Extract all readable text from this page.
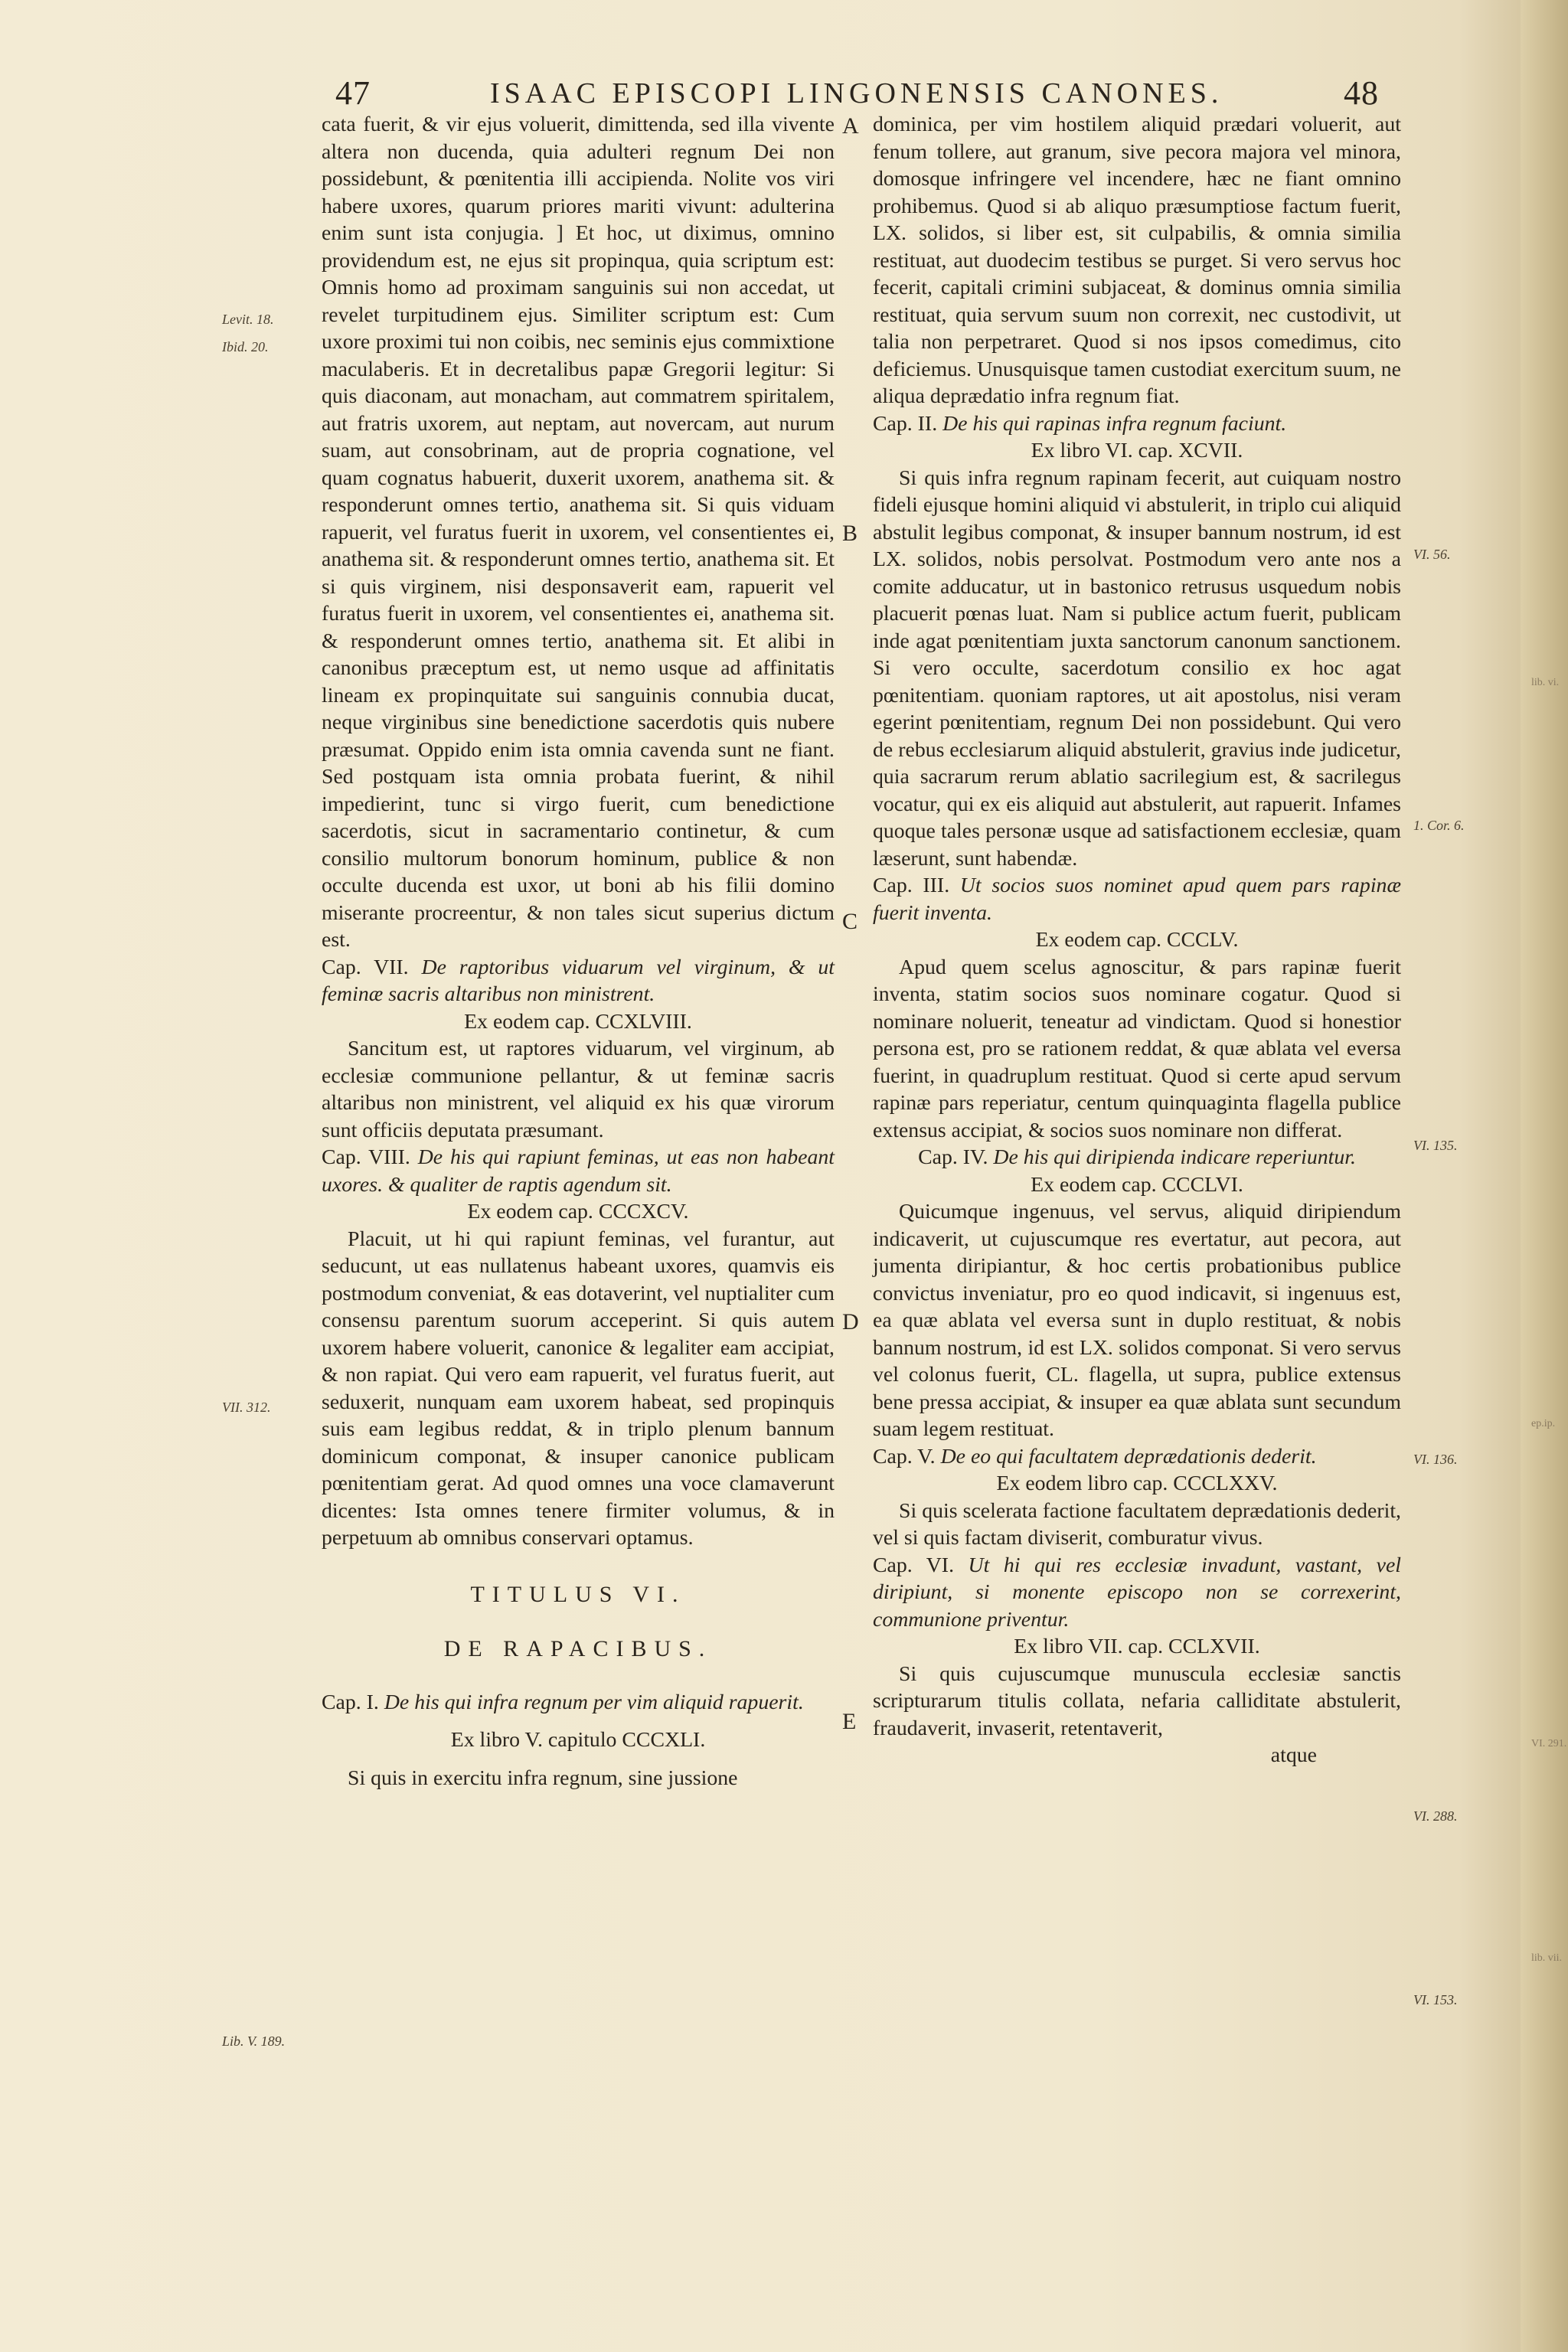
47	ISAAC EPISCOPI LINGONENSIS CANONES.	48
Levit. 18.
Ibid. 20.
VII. 312.
Lib. V. 189.
VI. 56.
1. Cor. 6.
VI. 135.
VI. 136.
VI. 288.
VI. 153.
A
B
C
D
E
lib. vi.
ep.ip.
VI. 291.
lib. vii.

cata fuerit, & vir ejus voluerit, dimittenda, sed illa vivente altera non ducenda, quia adulteri regnum Dei non possidebunt, & pœnitentia illi accipienda. Nolite vos viri habere uxores, quarum priores mariti vivunt: adulterina enim sunt ista conjugia. ] Et hoc, ut diximus, omnino providendum est, ne ejus sit propinqua, quia scriptum est: Omnis homo ad proximam sanguinis sui non accedat, ut revelet turpitudinem ejus. Similiter scriptum est: Cum uxore proximi tui non coibis, nec seminis ejus commixtione maculaberis. Et in decretalibus papæ Gregorii legitur: Si quis diaconam, aut monacham, aut commatrem spiritalem, aut fratris uxorem, aut neptam, aut novercam, aut nurum suam, aut consobrinam, aut de propria cognatione, vel quam cognatus habuerit, duxerit uxorem, anathema sit. & responderunt omnes tertio, anathema sit. Si quis viduam rapuerit, vel furatus fuerit in uxorem, vel consentientes ei, anathema sit. & responderunt omnes tertio, anathema sit. Et si quis virginem, nisi desponsaverit eam, rapuerit vel furatus fuerit in uxorem, vel consentientes ei, anathema sit. & responderunt omnes tertio, anathema sit. Et alibi in canonibus præceptum est, ut nemo usque ad affinitatis lineam ex propinquitate sui sanguinis connubia ducat, neque virginibus sine benedictione sacerdotis quis nubere præsumat. Oppido enim ista omnia cavenda sunt ne fiant. Sed postquam ista omnia probata fuerint, & nihil impedierint, tunc si virgo fuerit, cum benedictione sacerdotis, sicut in sacramentario continetur, & cum consilio multorum bonorum hominum, publice & non occulte ducenda est uxor, ut boni ab his filii domino miserante procreentur, & non tales sicut superius dictum est.

Cap. VII. De raptoribus viduarum vel virginum, & ut feminæ sacris altaribus non ministrent.

Ex eodem cap. CCXLVIII.

Sancitum est, ut raptores viduarum, vel virginum, ab ecclesiæ communione pellantur, & ut feminæ sacris altaribus non ministrent, vel aliquid ex his quæ virorum sunt officiis deputata præsumant.

Cap. VIII. De his qui rapiunt feminas, ut eas non habeant uxores. & qualiter de raptis agendum sit.

Ex eodem cap. CCCXCV.

Placuit, ut hi qui rapiunt feminas, vel furantur, aut seducunt, ut eas nullatenus habeant uxores, quamvis eis postmodum conveniat, & eas dotaverint, vel nuptialiter cum consensu parentum suorum acceperint. Si quis autem uxorem habere voluerit, canonice & legaliter eam accipiat, & non rapiat. Qui vero eam rapuerit, vel furatus fuerit, aut seduxerit, nunquam eam uxorem habeat, sed propinquis suis eam legibus reddat, & in triplo plenum bannum dominicum componat, & insuper canonice publicam pœnitentiam gerat. Ad quod omnes una voce clamaverunt dicentes: Ista omnes tenere firmiter volumus, & in perpetuum ab omnibus conservari optamus.

TITULUS VI.
DE RAPACIBUS.

Cap. I. De his qui infra regnum per vim aliquid rapuerit.

Ex libro V. capitulo CCCXLI.

Si quis in exercitu infra regnum, sine jussione

dominica, per vim hostilem aliquid prædari voluerit, aut fenum tollere, aut granum, sive pecora majora vel minora, domosque infringere vel incendere, hæc ne fiant omnino prohibemus. Quod si ab aliquo præsumptiose factum fuerit, LX. solidos, si liber est, sit culpabilis, & omnia similia restituat, aut duodecim testibus se purget. Si vero servus hoc fecerit, capitali crimini subjaceat, & dominus omnia similia restituat, quia servum suum non correxit, nec custodivit, ut talia non perpetraret. Quod si nos ipsos comedimus, cito deficiemus. Unusquisque tamen custodiat exercitum suum, ne aliqua deprædatio infra regnum fiat.

Cap. II. De his qui rapinas infra regnum faciunt.

Ex libro VI. cap. XCVII.

Si quis infra regnum rapinam fecerit, aut cuiquam nostro fideli ejusque homini aliquid vi abstulerit, in triplo cui aliquid abstulit legibus componat, & insuper bannum nostrum, id est LX. solidos, nobis persolvat. Postmodum vero ante nos a comite adducatur, ut in bastonico retrusus usquedum nobis placuerit pœnas luat. Nam si publice actum fuerit, publicam inde agat pœnitentiam juxta sanctorum canonum sanctionem. Si vero occulte, sacerdotum consilio ex hoc agat pœnitentiam. quoniam raptores, ut ait apostolus, nisi veram egerint pœnitentiam, regnum Dei non possidebunt. Qui vero de rebus ecclesiarum aliquid abstulerit, gravius inde judicetur, quia sacrarum rerum ablatio sacrilegium est, & sacrilegus vocatur, qui ex eis aliquid aut abstulerit, aut rapuerit. Infames quoque tales personæ usque ad satisfactionem ecclesiæ, quam læserunt, sunt habendæ.

Cap. III. Ut socios suos nominet apud quem pars rapinæ fuerit inventa.

Ex eodem cap. CCCLV.

Apud quem scelus agnoscitur, & pars rapinæ fuerit inventa, statim socios suos nominare cogatur. Quod si nominare noluerit, teneatur ad vindictam. Quod si honestior persona est, pro se rationem reddat, & quæ ablata vel eversa fuerint, in quadruplum restituat. Quod si certe apud servum rapinæ pars reperiatur, centum quinquaginta flagella publice extensus accipiat, & socios suos nominare non differat.

Cap. IV. De his qui diripienda indicare reperiuntur.

Ex eodem cap. CCCLVI.

Quicumque ingenuus, vel servus, aliquid diripiendum indicaverit, ut cujuscumque res evertatur, aut pecora, aut jumenta diripiantur, & hoc certis probationibus publice convictus inveniatur, pro eo quod indicavit, si ingenuus est, ea quæ ablata vel eversa sunt in duplo restituat, & nobis bannum nostrum, id est LX. solidos componat. Si vero servus vel colonus fuerit, CL. flagella, ut supra, publice extensus bene pressa accipiat, & insuper ea quæ ablata sunt secundum suam legem restituat.

Cap. V. De eo qui facultatem deprædationis dederit.

Ex eodem libro cap. CCCLXXV.

Si quis scelerata factione facultatem deprædationis dederit, vel si quis factam diviserit, comburatur vivus.

Cap. VI. Ut hi qui res ecclesiæ invadunt, vastant, vel diripiunt, si monente episcopo non se correxerint, communione priventur.

Ex libro VII. cap. CCLXVII.

Si quis cujuscumque munuscula ecclesiæ sanctis scripturarum titulis collata, nefaria calliditate abstulerit, fraudaverit, invaserit, retentaverit,

atque
